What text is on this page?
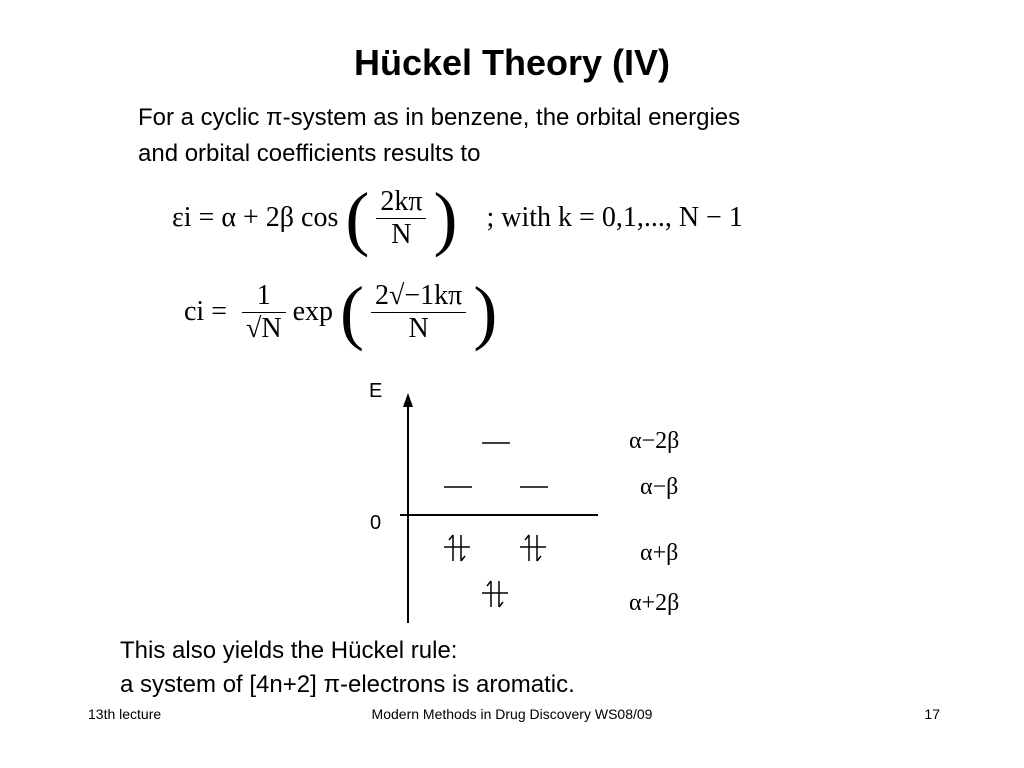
Hückel Theory (IV)
For a cyclic π-system as in benzene, the orbital energies
and orbital coefficients results to
εi = α + 2β cos ( $\frac{2k\pi}{N}$ ) ; with k = 0,1,..., N − 1
ci = $\frac{1}{√N}$ exp ( $\frac{2√-1k\pi}{N}$ )
E
0
α−2β
α−β
α+β
α+2β
This also yields the Hückel rule:
a system of [4n+2] π-electrons is aromatic.
13th lecture	Modern Methods in Drug Discovery WS08/09	17
